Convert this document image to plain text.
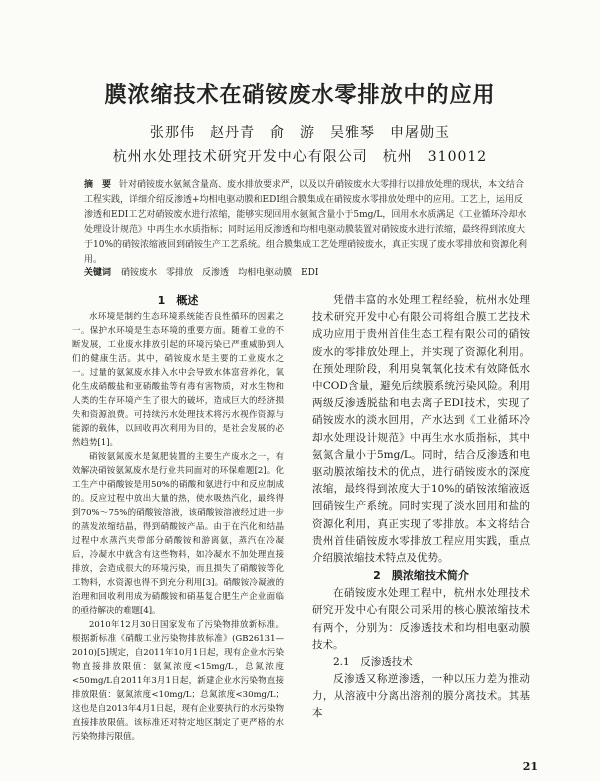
膜浓缩技术在硝铵废水零排放中的应用
张那伟　赵丹青　俞　游　吴雅琴　申屠勋玉
杭州水处理技术研究开发中心有限公司　杭州　310012
摘　要 针对硝铵废水氨氮含量高、废水排放要求严，以及以升硝铵废水大零排行以排放处理的现状，本文结合工程实践，详细介绍反渗透+均相电驱动膜和EDI组合膜集成在硝铵废水零排放处理中的应用。工艺上，运用反渗透和EDI工艺对硝铵废水进行浓缩，能够实现回用水氨氮含量小于5mg/L，回用水水质满足《工业循环冷却水处理设计规范》中再生水水质指标；同时运用反渗透和均相电驱动膜装置对硝铵废水进行浓缩，最终得到浓度大于10%的硝铵浓缩液回到硝铵生产工艺系统。组合膜集成工艺处理硝铵废水，真正实现了废水零排放和资源化利用。
关键词 硝铵废水 零排放 反渗透 均相电驱动膜 EDI
1　概述

水环境是制约生态环境系统能否良性循环的因素之一。保护水环境是生态环境的重要方面。随着工业的不断发展，工业废水排放引起的环境污染已严重威胁到人们的健康生活。其中，硝铵废水是主要的工业废水之一。过量的氨氮废水排入水中会导致水体富营养化，氧化生成硝酸盐和亚硝酸盐等有毒有害物质，对水生物和人类的生存环境产生了很大的破坏，造成巨大的经济损失和资源浪费。可持续污水处理技术将污水视作资源与能源的载体，以回收再次利用为目的，是社会发展的必然趋势[1]。

硝铵氨氮废水是氮肥装置的主要生产废水之一，有效解决硝铵氨氮废水是行业共同面对的环保难题[2]。化工生产中硝酸铵是用50%的硝酸和氨进行中和反应制成的。反应过程中放出大量的热，使水吸热汽化，最终得到70%～75%的硝酸铵溶液，该硝酸铵溶液经过进一步的蒸发浓缩结晶，得到硝酸铵产品。由于在汽化和结晶过程中水蒸汽夹带部分硝酸铵和游离氨，蒸汽在冷凝后，冷凝水中就含有这些物料，如冷凝水不加处理直接排放，会造成很大的环境污染，而且损失了硝酸铵等化工物料，水资源也得不到充分利用[3]。硝酸铵冷凝液的治理和回收利用成为硝酸铵和硝基复合肥生产企业面临的亟待解决的难题[4]。

2010年12月30日国家发布了污染物排放新标准。根据新标准《硝酸工业污染物排放标准》(GB26131—2010)[5]规定，自2011年10月1日起，现有企业水污染物直接排放限值：氨氮浓度<15mg/L，总氮浓度<50mg/L自2011年3月1日起，新建企业水污染物直接排放限值：氨氮浓度<10mg/L；总氮浓度<30mg/L；这也是自2013年4月1日起，现有企业要执行的水污染物直接排放限值。该标准还对特定地区制定了更严格的水污染物排污限值。

凭借丰富的水处理工程经验，杭州水处理技术研究开发中心有限公司将组合膜工艺技术成功应用于贵州首佳生态工程有限公司的硝铵废水的零排放处理上，并实现了资源化利用。在预处理阶段，利用臭氧氧化技术有效降低水中COD含量，避免后续膜系统污染风险。利用两级反渗透脱盐和电去离子EDI技术，实现了硝铵废水的淡水回用，产水达到《工业循环冷却水处理设计规范》中再生水水质指标，其中氨氮含量小于5mg/L。同时，结合反渗透和电驱动膜浓缩技术的优点，进行硝铵废水的深度浓缩，最终得到浓度大于10%的硝铵浓缩液返回硝铵生产系统。同时实现了淡水回用和盐的资源化利用，真正实现了零排放。本文将结合贵州首佳硝铵废水零排放工程应用实践，重点介绍膜浓缩技术特点及优势。

2　膜浓缩技术简介

在硝铵废水处理工程中，杭州水处理技术研究开发中心有限公司采用的核心膜浓缩技术有两个，分别为：反渗透技术和均相电驱动膜技术。

2.1　反渗透技术

反渗透又称逆渗透，一种以压力差为推动力，从溶液中分离出溶剂的膜分离技术。其基本

21
